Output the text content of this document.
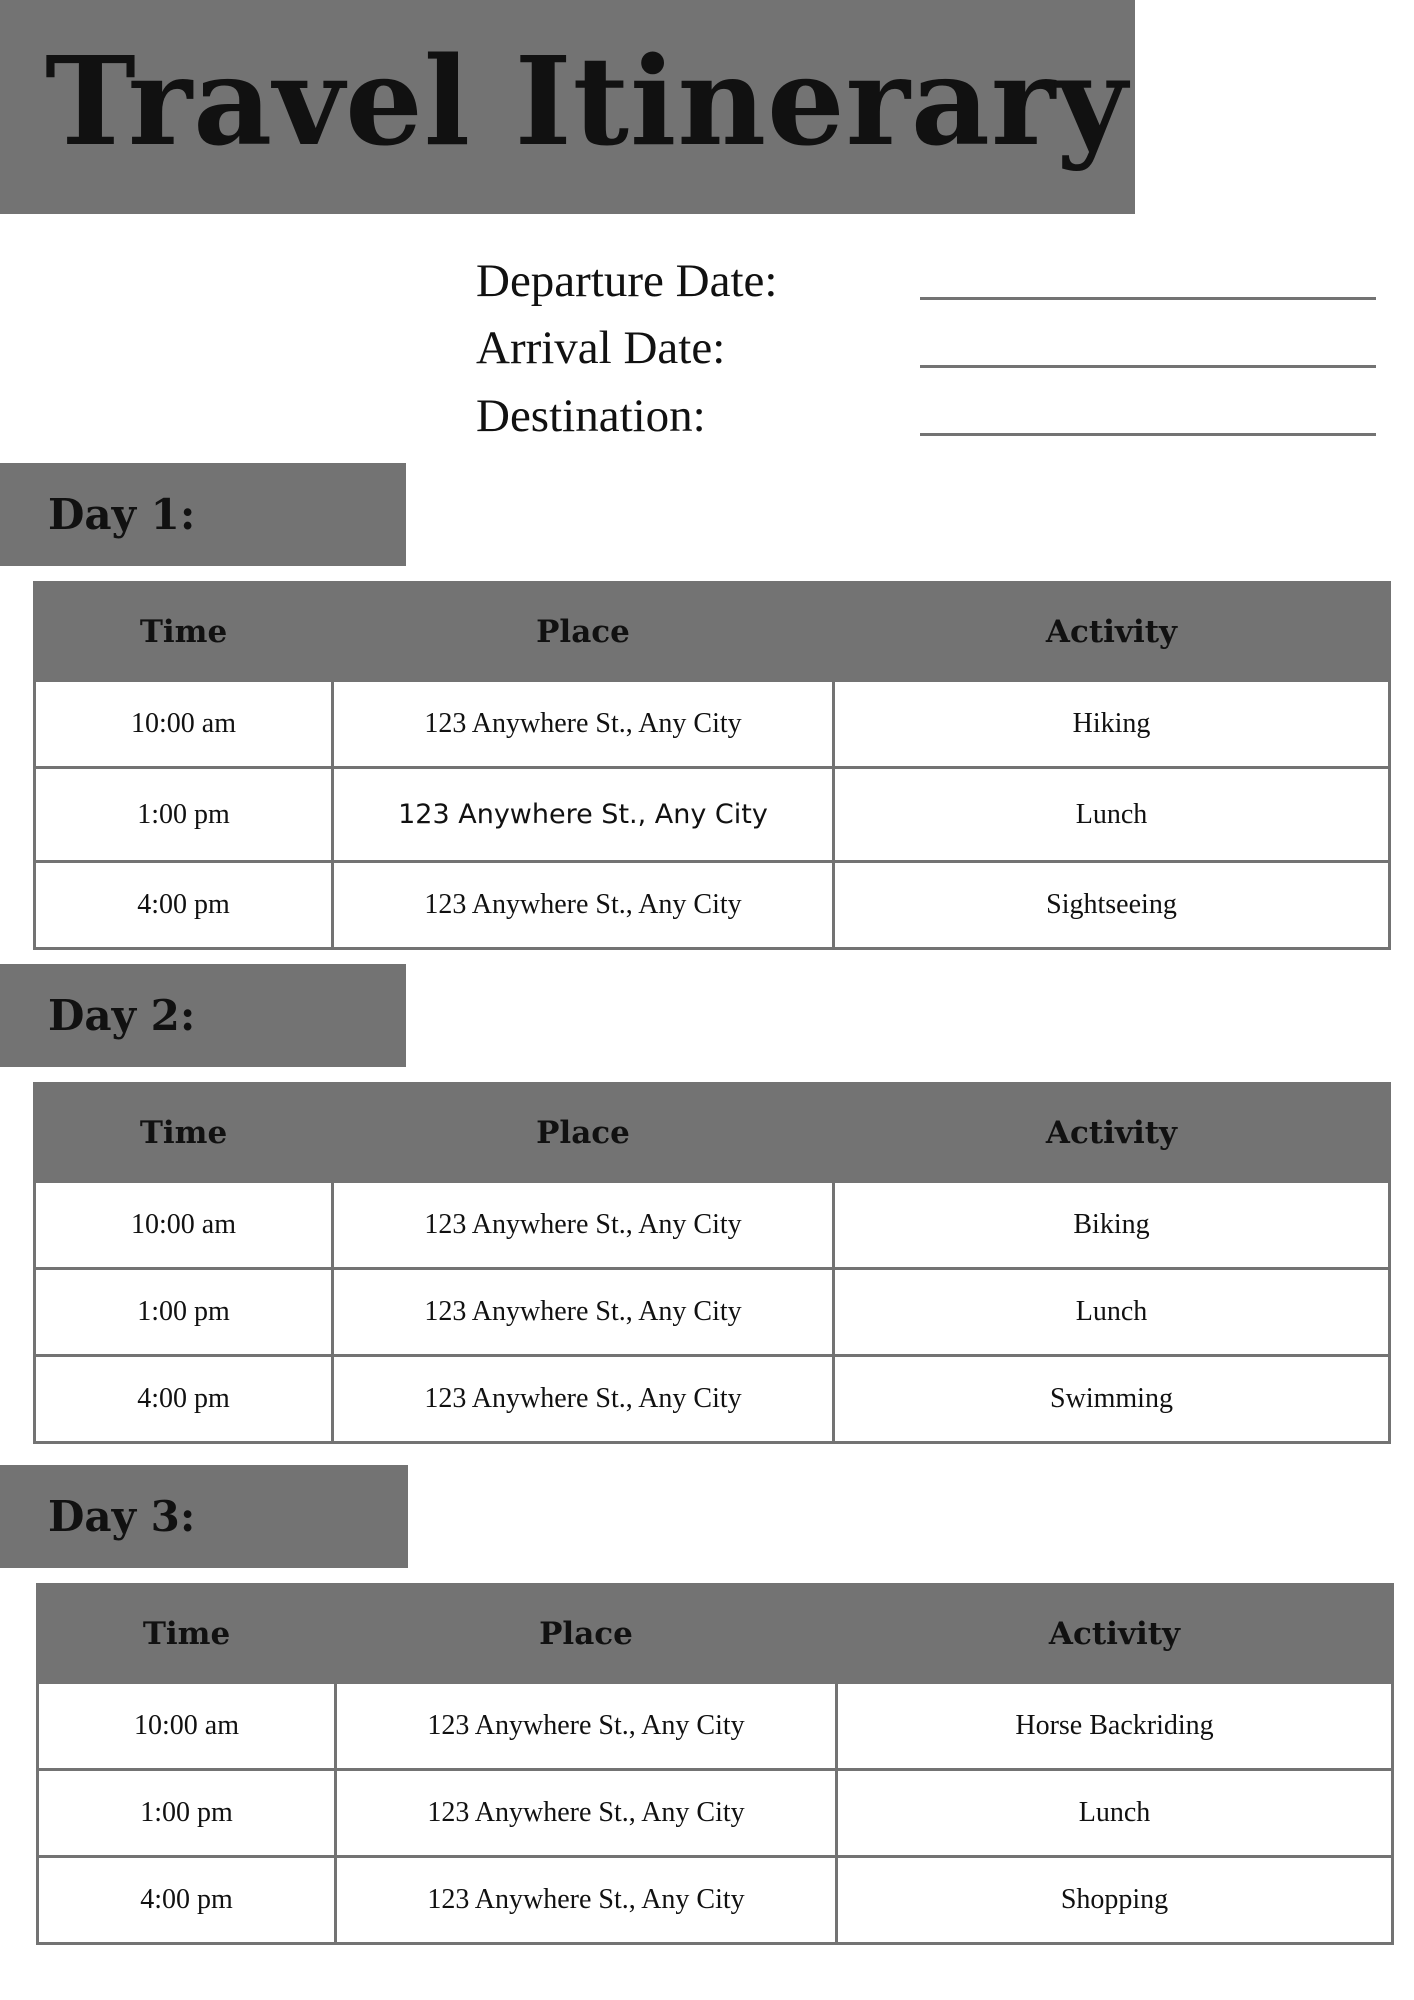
Travel Itinerary
Departure Date:
Arrival Date:
Destination:
Day 1:
Time	Place	Activity
10:00 am	123 Anywhere St., Any City	Hiking
1:00 pm	123 Anywhere St., Any City	Lunch
4:00 pm	123 Anywhere St., Any City	Sightseeing
Day 2:
Time	Place	Activity
10:00 am	123 Anywhere St., Any City	Biking
1:00 pm	123 Anywhere St., Any City	Lunch
4:00 pm	123 Anywhere St., Any City	Swimming
Day 3:
Time	Place	Activity
10:00 am	123 Anywhere St., Any City	Horse Backriding
1:00 pm	123 Anywhere St., Any City	Lunch
4:00 pm	123 Anywhere St., Any City	Shopping
